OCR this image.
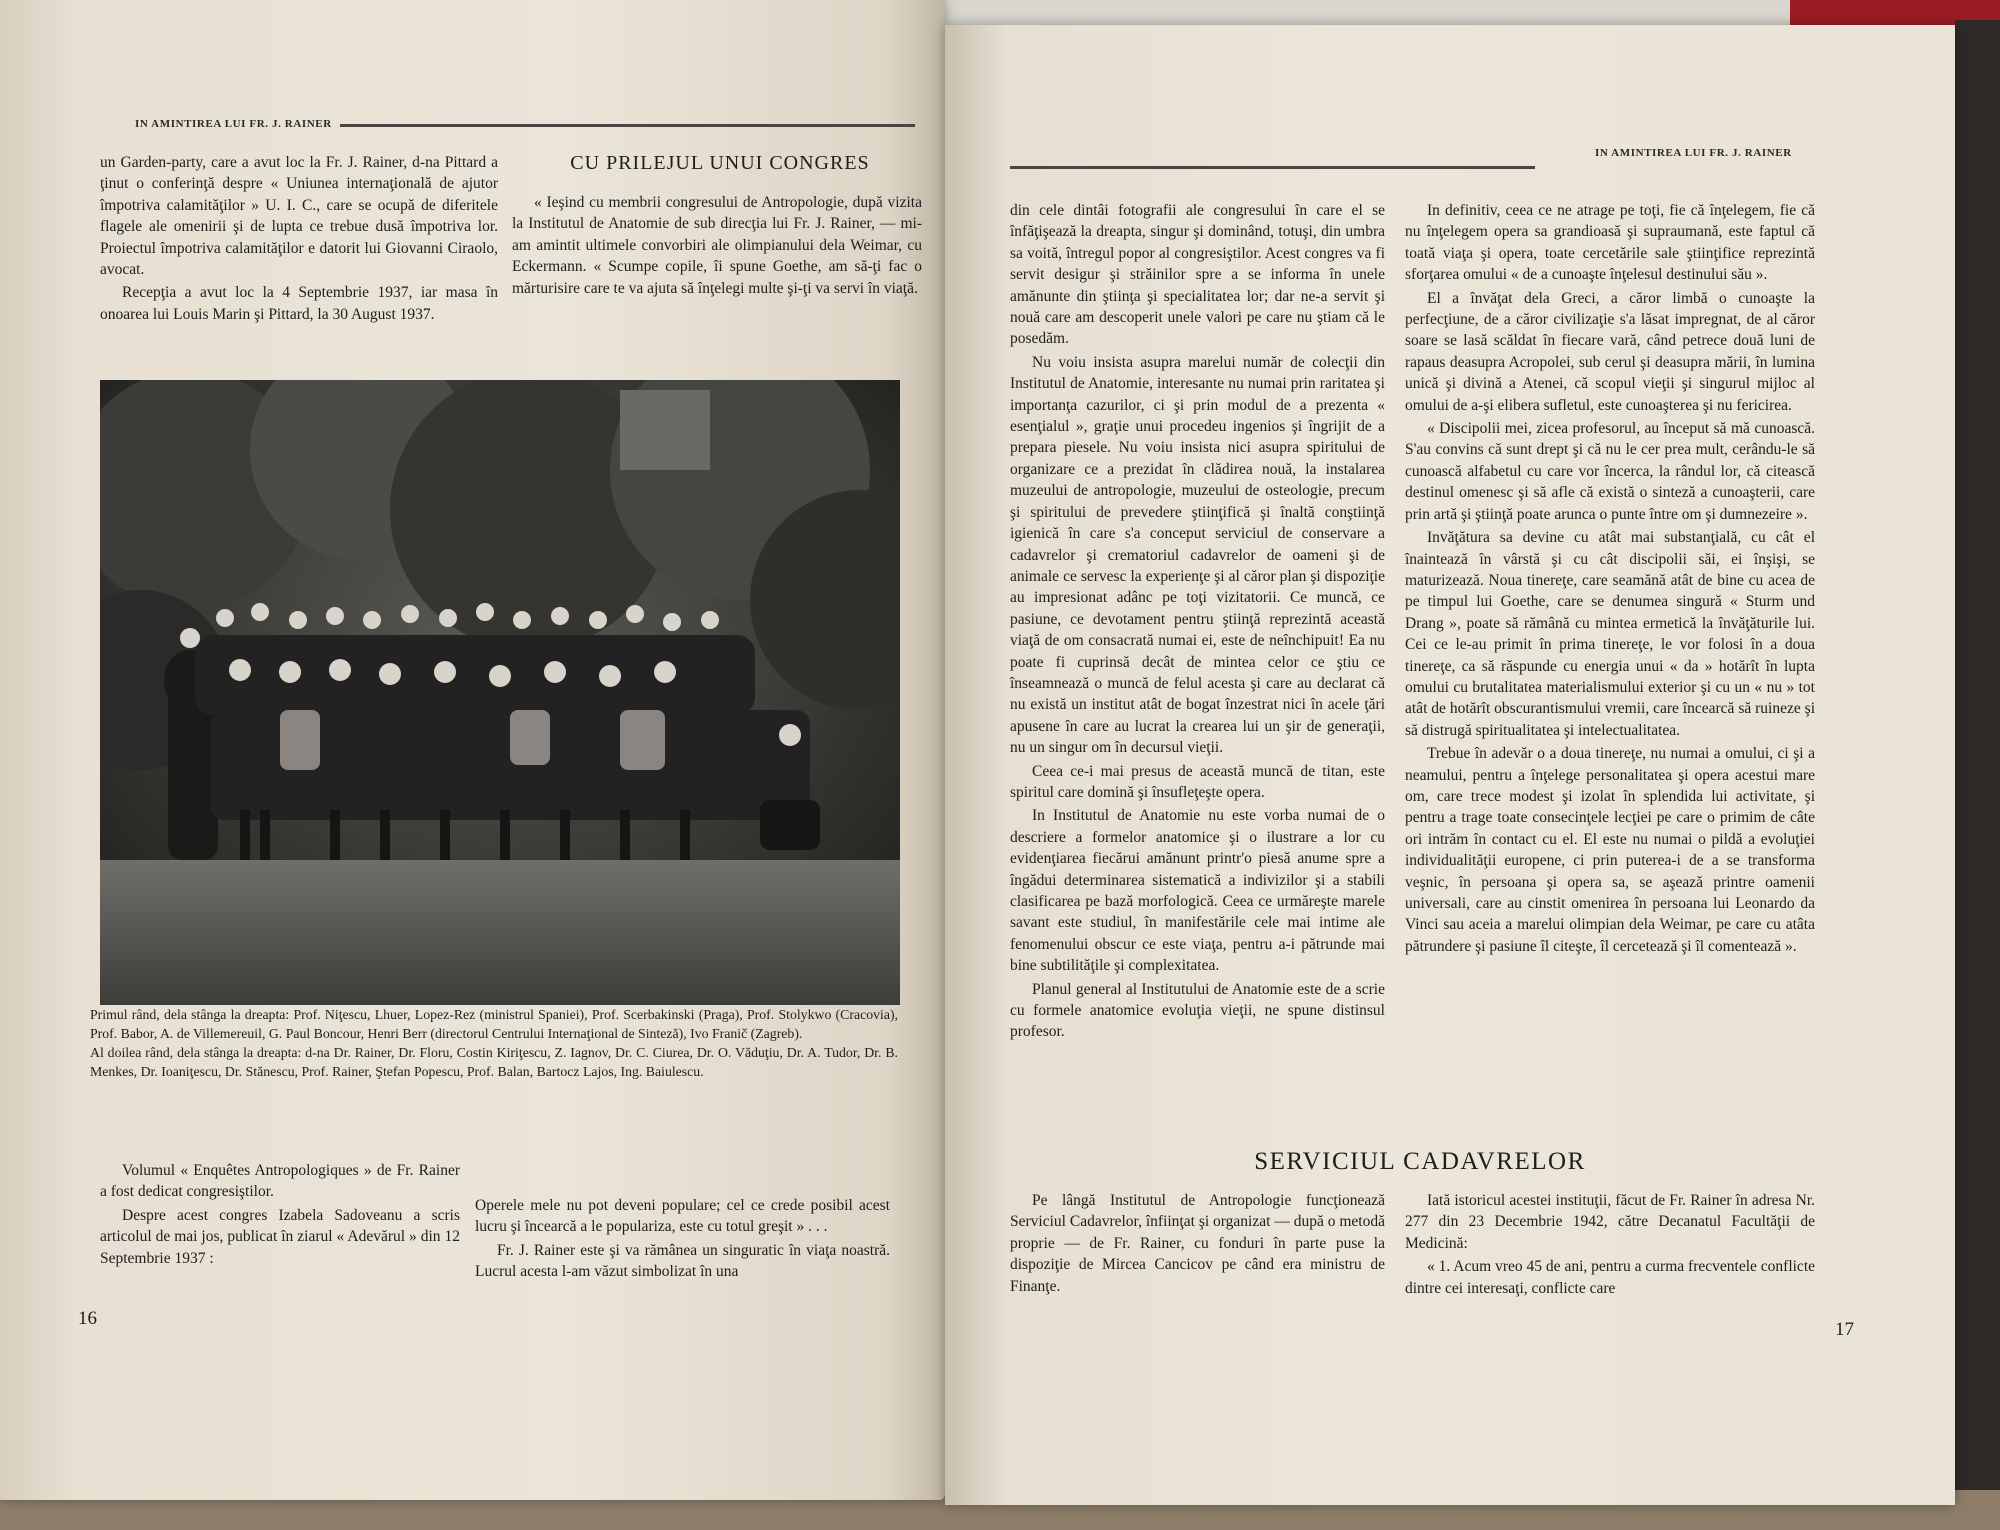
IN AMINTIREA LUI FR. J. RAINER

un Garden-party, care a avut loc la Fr. J. Rainer, d-na Pittard a ţinut o conferinţă despre « Uniunea internaţională de ajutor împotriva calamităţilor » U. I. C., care se ocupă de diferitele flagele ale omenirii şi de lupta ce trebue dusă împotriva lor. Proiectul împotriva calamităţilor e datorit lui Giovanni Ciraolo, avocat.

Recepţia a avut loc la 4 Septembrie 1937, iar masa în onoarea lui Louis Marin şi Pittard, la 30 August 1937.

CU PRILEJUL UNUI CONGRES

« Ieşind cu membrii congresului de Antropologie, după vizita la Institutul de Anatomie de sub direcţia lui Fr. J. Rainer, — mi-am amintit ultimele convorbiri ale olimpianului dela Weimar, cu Eckermann. « Scumpe copile, îi spune Goethe, am să-ţi fac o mărturisire care te va ajuta să înţelegi multe şi-ţi va servi în viaţă.

Primul rând, dela stânga la dreapta: Prof. Niţescu, Lhuer, Lopez-Rez (ministrul Spaniei), Prof. Scerbakinski (Praga), Prof. Stolykwo (Cracovia), Prof. Babor, A. de Villemereuil, G. Paul Boncour, Henri Berr (directorul Centrului Internaţional de Sinteză), Ivo Franič (Zagreb).

Al doilea rând, dela stânga la dreapta: d-na Dr. Rainer, Dr. Floru, Costin Kiriţescu, Z. Iagnov, Dr. C. Ciurea, Dr. O. Văduţiu, Dr. A. Tudor, Dr. B. Menkes, Dr. Ioaniţescu, Dr. Stănescu, Prof. Rainer, Ştefan Popescu, Prof. Balan, Bartocz Lajos, Ing. Baiulescu.

Volumul « Enquêtes Antropologiques » de Fr. Rainer a fost dedicat congresiştilor.

Despre acest congres Izabela Sadoveanu a scris articolul de mai jos, publicat în ziarul « Adevărul » din 12 Septembrie 1937 :

Operele mele nu pot deveni populare; cel ce crede posibil acest lucru şi încearcă a le populariza, este cu totul greşit » . . .

Fr. J. Rainer este şi va rămânea un singuratic în viaţa noastră. Lucrul acesta l-am văzut simbolizat în una

16
IN AMINTIREA LUI FR. J. RAINER

din cele dintâi fotografii ale congresului în care el se înfăţişează la dreapta, singur şi dominând, totuşi, din umbra sa voită, întregul popor al congresiştilor. Acest congres va fi servit desigur şi străinilor spre a se informa în unele amănunte din ştiinţa şi specialitatea lor; dar ne-a servit şi nouă care am descoperit unele valori pe care nu ştiam că le posedăm.

Nu voiu insista asupra marelui număr de colecţii din Institutul de Anatomie, interesante nu numai prin raritatea şi importanţa cazurilor, ci şi prin modul de a prezenta « esenţialul », graţie unui procedeu ingenios şi îngrijit de a prepara piesele. Nu voiu insista nici asupra spiritului de organizare ce a prezidat în clădirea nouă, la instalarea muzeului de antropologie, muzeului de osteologie, precum şi spiritului de prevedere ştiinţifică şi înaltă conştiinţă igienică în care s'a conceput serviciul de conservare a cadavrelor şi crematoriul cadavrelor de oameni şi de animale ce servesc la experienţe şi al căror plan şi dispoziţie au impresionat adânc pe toţi vizitatorii. Ce muncă, ce pasiune, ce devotament pentru ştiinţă reprezintă această viaţă de om consacrată numai ei, este de neînchipuit! Ea nu poate fi cuprinsă decât de mintea celor ce ştiu ce înseamnează o muncă de felul acesta şi care au declarat că nu există un institut atât de bogat înzestrat nici în acele ţări apusene în care au lucrat la crearea lui un şir de generaţii, nu un singur om în decursul vieţii.

Ceea ce-i mai presus de această muncă de titan, este spiritul care domină şi însufleţeşte opera.

In Institutul de Anatomie nu este vorba numai de o descriere a formelor anatomice şi o ilustrare a lor cu evidenţiarea fiecărui amănunt printr'o piesă anume spre a îngădui determinarea sistematică a indivizilor şi a stabili clasificarea pe bază morfologică. Ceea ce urmăreşte marele savant este studiul, în manifestările cele mai intime ale fenomenului obscur ce este viaţa, pentru a-i pătrunde mai bine subtilităţile şi complexitatea.

Planul general al Institutului de Anatomie este de a scrie cu formele anatomice evoluţia vieţii, ne spune distinsul profesor.

In definitiv, ceea ce ne atrage pe toţi, fie că înţelegem, fie că nu înţelegem opera sa grandioasă şi supraumană, este faptul că toată viaţa şi opera, toate cercetările sale ştiinţifice reprezintă sforţarea omului « de a cunoaşte înţelesul destinului său ».

El a învăţat dela Greci, a căror limbă o cunoaşte la perfecţiune, de a căror civilizaţie s'a lăsat impregnat, de al căror soare se lasă scăldat în fiecare vară, când petrece două luni de rapaus deasupra Acropolei, sub cerul şi deasupra mării, în lumina unică şi divină a Atenei, că scopul vieţii şi singurul mijloc al omului de a-şi elibera sufletul, este cunoaşterea şi nu fericirea.

« Discipolii mei, zicea profesorul, au început să mă cunoască. S'au convins că sunt drept şi că nu le cer prea mult, cerându-le să cunoască alfabetul cu care vor încerca, la rândul lor, că citească destinul omenesc şi să afle că există o sinteză a cunoaşterii, care prin artă şi ştiinţă poate arunca o punte între om şi dumnezeire ».

Invăţătura sa devine cu atât mai substanţială, cu cât el înaintează în vârstă şi cu cât discipolii săi, ei înşişi, se maturizează. Noua tinereţe, care seamănă atât de bine cu acea de pe timpul lui Goethe, care se denumea singură « Sturm und Drang », poate să rămână cu mintea ermetică la învăţăturile lui. Cei ce le-au primit în prima tinereţe, le vor folosi în a doua tinereţe, ca să răspunde cu energia unui « da » hotărît în lupta omului cu brutalitatea materialismului exterior şi cu un « nu » tot atât de hotărît obscurantismului vremii, care încearcă să ruineze şi să distrugă spiritualitatea şi intelectualitatea.

Trebue în adevăr o a doua tinereţe, nu numai a omului, ci şi a neamului, pentru a înţelege personalitatea şi opera acestui mare om, care trece modest şi izolat în splendida lui activitate, şi pentru a trage toate consecinţele lecţiei pe care o primim de câte ori intrăm în contact cu el. El este nu numai o pildă a evoluţiei individualităţii europene, ci prin puterea-i de a se transforma veşnic, în persoana şi opera sa, se aşează printre oamenii universali, care au cinstit omenirea în persoana lui Leonardo da Vinci sau aceia a marelui olimpian dela Weimar, pe care cu atâta pătrundere şi pasiune îl citeşte, îl cercetează şi îl comentează ».

SERVICIUL CADAVRELOR

Pe lângă Institutul de Antropologie funcţionează Serviciul Cadavrelor, înfiinţat şi organizat — după o metodă proprie — de Fr. Rainer, cu fonduri în parte puse la dispoziţie de Mircea Cancicov pe când era ministru de Finanţe.

Iată istoricul acestei instituţii, făcut de Fr. Rainer în adresa Nr. 277 din 23 Decembrie 1942, către Decanatul Facultăţii de Medicină:

« 1. Acum vreo 45 de ani, pentru a curma frecventele conflicte dintre cei interesaţi, conflicte care

17
